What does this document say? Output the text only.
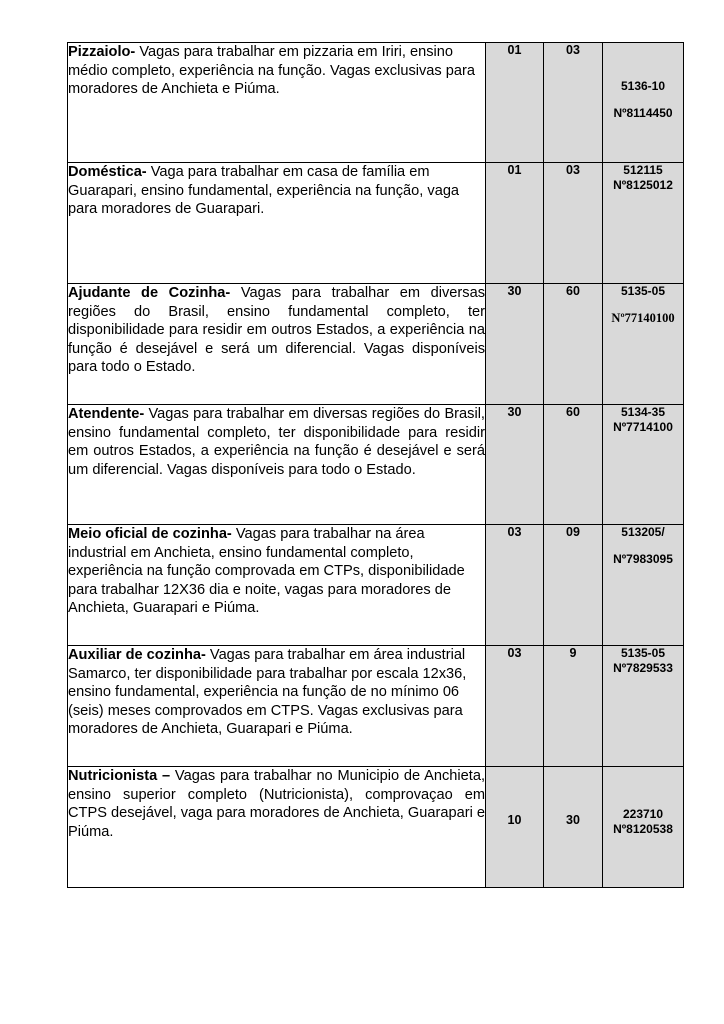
Pizzaiolo- Vagas para trabalhar em pizzaria em Iriri, ensino médio completo, experiência na função. Vagas exclusivas para moradores de Anchieta e Piúma.	01	03	5136-10
Nº8114450
Doméstica- Vaga para trabalhar em casa de família em Guarapari, ensino fundamental, experiência na função, vaga para moradores de Guarapari.	01	03	512115
Nº8125012
Ajudante de Cozinha- Vagas para trabalhar em diversas regiões do Brasil, ensino fundamental completo, ter disponibilidade para residir em outros Estados, a experiência na função é desejável e será um diferencial. Vagas disponíveis para todo o Estado.	30	60	5135-05
Nº77140100
Atendente- Vagas para trabalhar em diversas regiões do Brasil, ensino fundamental completo, ter disponibilidade para residir em outros Estados, a experiência na função é desejável e será um diferencial. Vagas disponíveis para todo o Estado.	30	60	5134-35
Nº7714100
Meio oficial de cozinha- Vagas para trabalhar na área industrial em Anchieta, ensino fundamental completo, experiência na função comprovada em CTPs, disponibilidade para trabalhar 12X36 dia e noite, vagas para moradores de Anchieta, Guarapari e Piúma.	03	09	513205/
Nº7983095
Auxiliar de cozinha- Vagas para trabalhar em área industrial Samarco, ter disponibilidade para trabalhar por escala 12x36, ensino fundamental, experiência na função de no mínimo 06 (seis) meses comprovados em CTPS. Vagas exclusivas para moradores de Anchieta, Guarapari e Piúma.	03	9	5135-05
Nº7829533
Nutricionista – Vagas para trabalhar no Municipio de Anchieta, ensino superior completo (Nutricionista), comprovaçao em CTPS desejável, vaga para moradores de Anchieta, Guarapari e Piúma.	10	30	223710
Nº8120538
